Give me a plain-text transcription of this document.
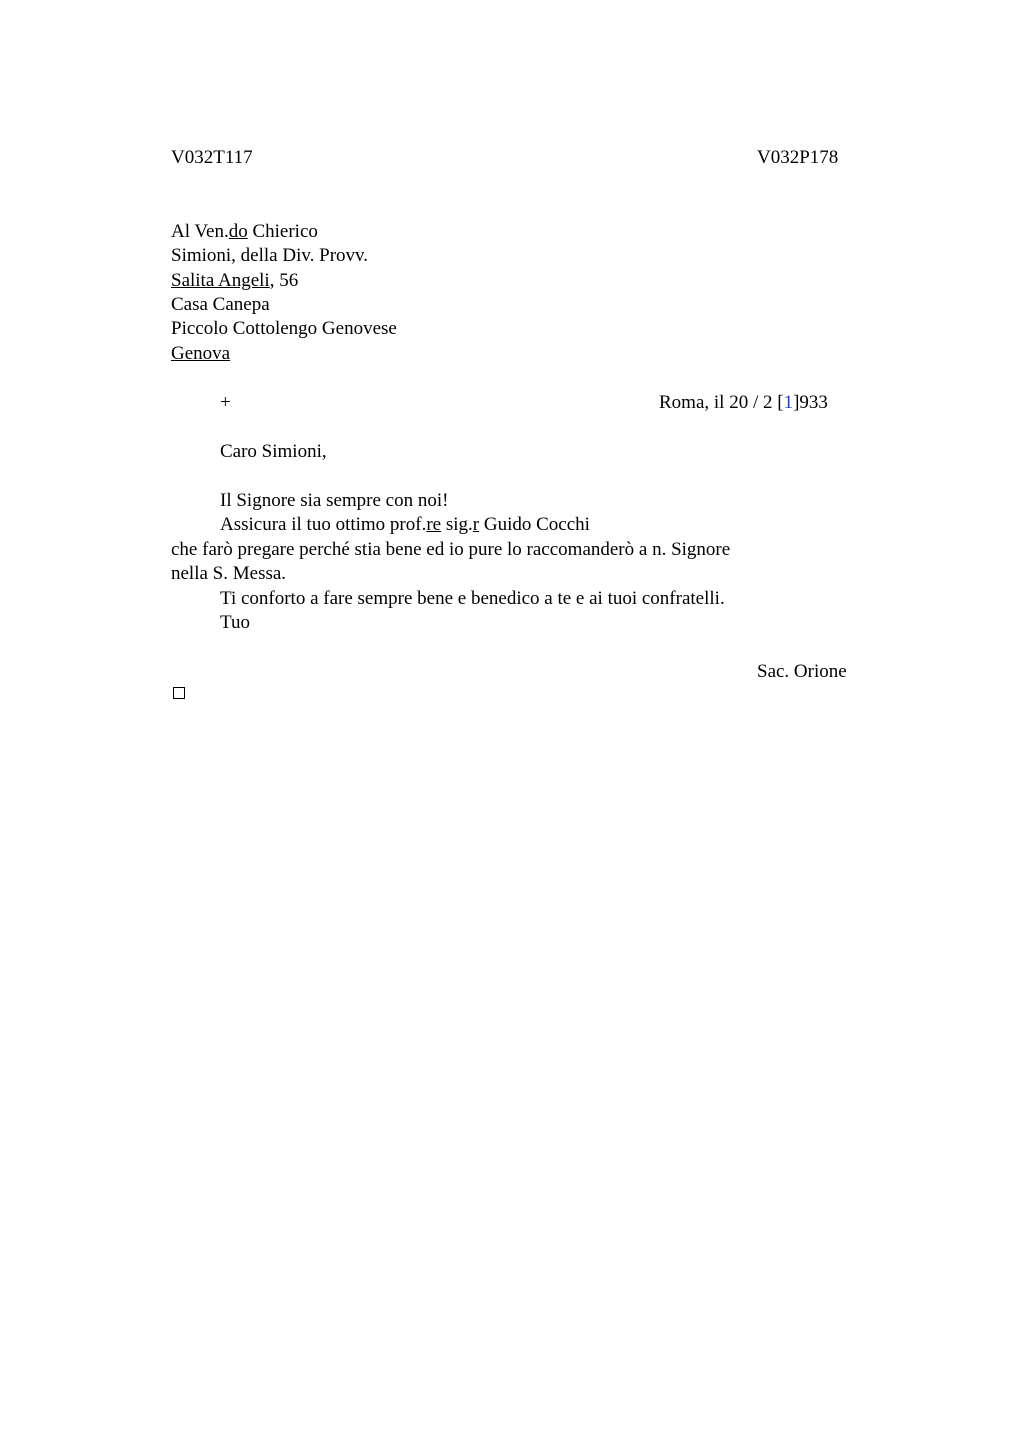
V032T117	V032P178
Al Ven.do Chierico
Simioni, della Div. Provv.
Salita Angeli, 56
Casa Canepa
Piccolo Cottolengo Genovese
Genova
+	Roma, il 20 / 2 [1]933
Caro Simioni,
Il Signore sia sempre con noi!
Assicura il tuo ottimo prof.re sig.r Guido Cocchi
che farò pregare perché stia bene ed io pure lo raccomanderò a n. Signore
nella S. Messa.
Ti conforto a fare sempre bene e benedico a te e ai tuoi confratelli.
Tuo
Sac. Orione
